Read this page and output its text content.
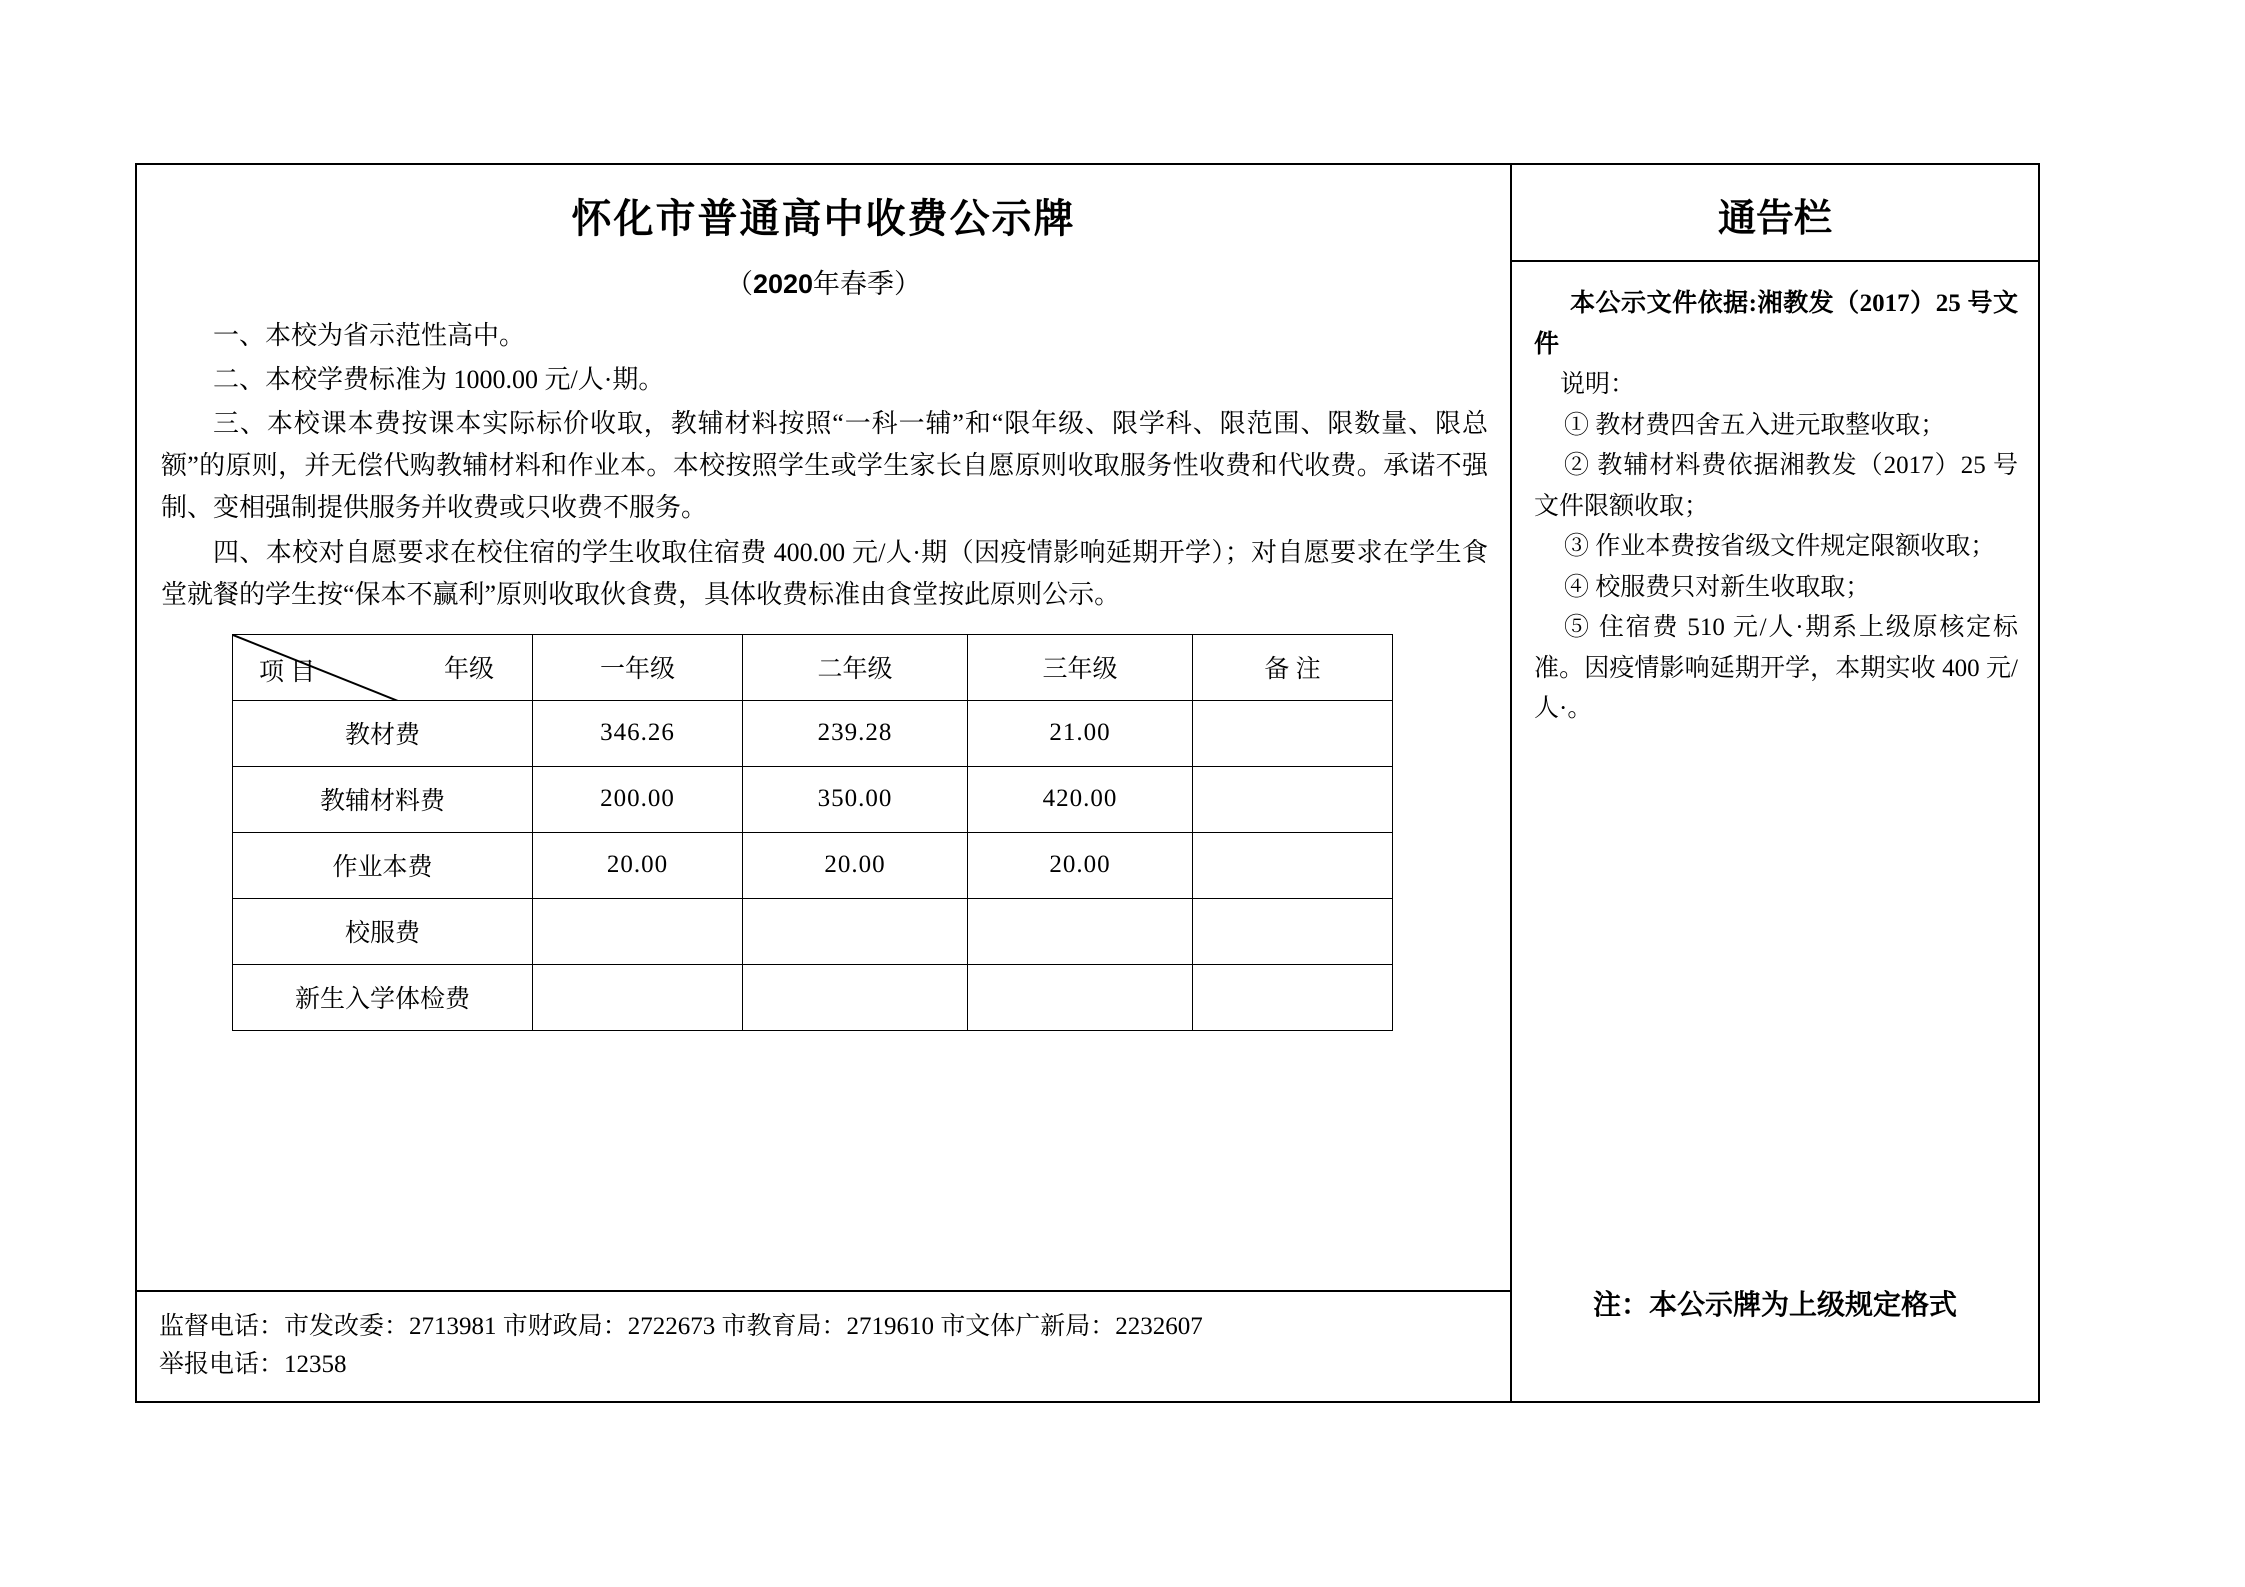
怀化市普通高中收费公示牌
（2020年春季）

一、本校为省示范性高中。

二、本校学费标准为 1000.00 元/人·期。

三、本校课本费按课本实际标价收取，教辅材料按照“一科一辅”和“限年级、限学科、限范围、限数量、限总额”的原则，并无偿代购教辅材料和作业本。本校按照学生或学生家长自愿原则收取服务性收费和代收费。承诺不强制、变相强制提供服务并收费或只收费不服务。

四、本校对自愿要求在校住宿的学生收取住宿费 400.00 元/人·期（因疫情影响延期开学）；对自愿要求在学生食堂就餐的学生按“保本不赢利”原则收取伙食费，具体收费标准由食堂按此原则公示。

年级
项 目	一年级	二年级	三年级	备 注
教材费	346.26	239.28	21.00	
教辅材料费	200.00	350.00	420.00	
作业本费	20.00	20.00	20.00	
校服费				
新生入学体检费				

监督电话：市发改委：2713981 市财政局：2722673 市教育局：2719610 市文体广新局：2232607

举报电话：12358

通告栏

本公示文件依据:湘教发（2017）25 号文件

说明：

① 教材费四舍五入进元取整收取；

② 教辅材料费依据湘教发（2017）25 号文件限额收取；

③ 作业本费按省级文件规定限额收取；

④ 校服费只对新生收取取；

⑤ 住宿费 510 元/人·期系上级原核定标准。因疫情影响延期开学，本期实收 400 元/人·。

注：本公示牌为上级规定格式
